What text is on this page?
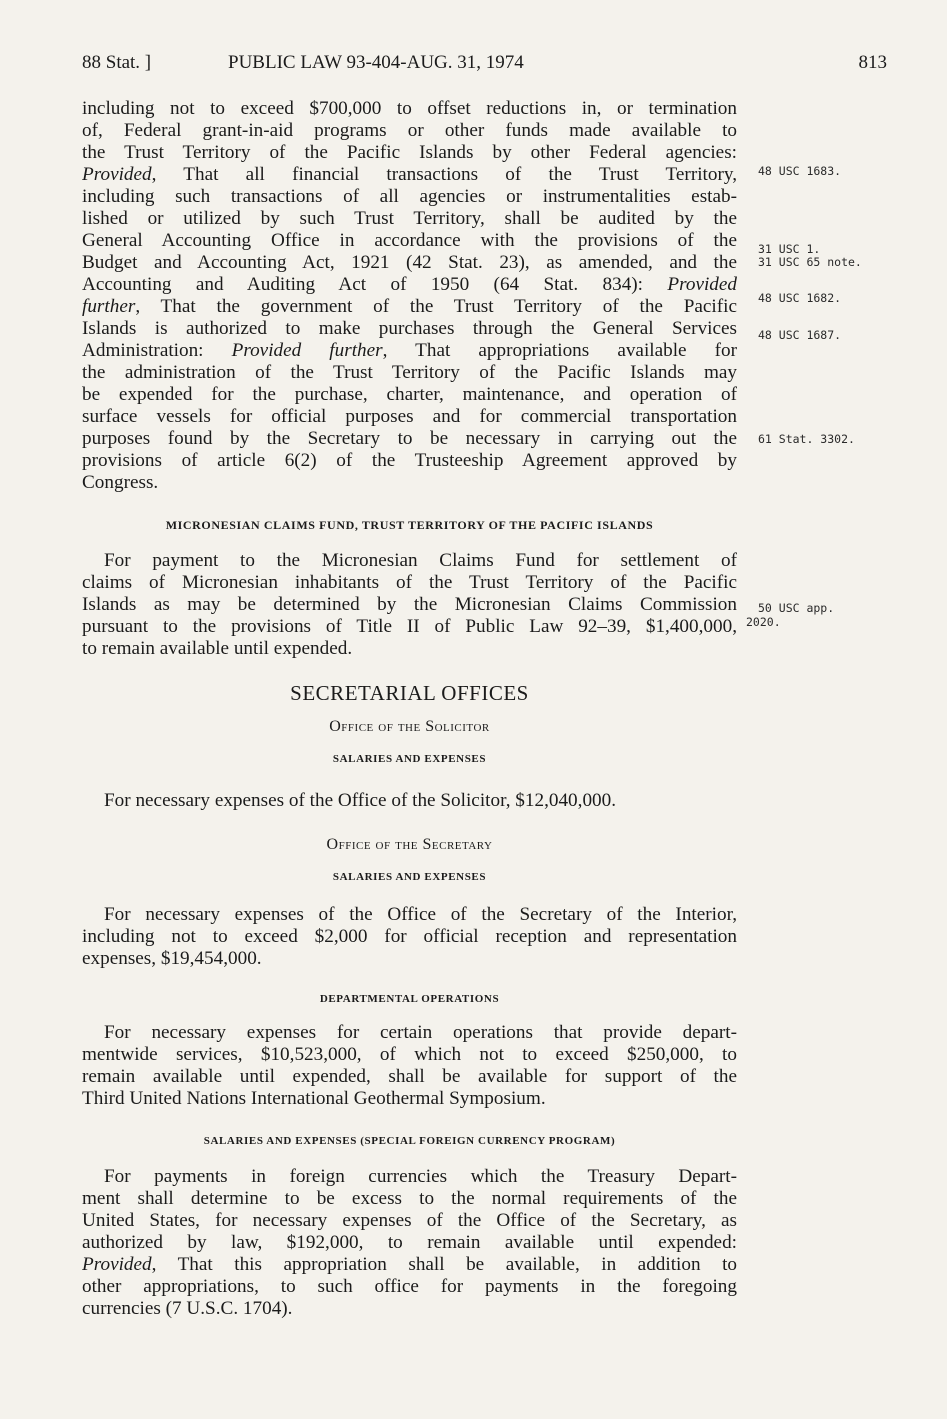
88 Stat. ]	PUBLIC LAW 93-404-AUG. 31, 1974	813
48 USC 1683.
31 USC 1.
31 USC 65 note.
48 USC 1682.
48 USC 1687.
61 Stat. 3302.
50 USC app.
2020.

including not to exceed $700,000 to offset reductions in, or termination
of, Federal grant-in-aid programs or other funds made available to
the Trust Territory of the Pacific Islands by other Federal agencies:
Provided, That all financial transactions of the Trust Territory,
including such transactions of all agencies or instrumentalities estab-
lished or utilized by such Trust Territory, shall be audited by the
General Accounting Office in accordance with the provisions of the
Budget and Accounting Act, 1921 (42 Stat. 23), as amended, and the
Accounting and Auditing Act of 1950 (64 Stat. 834): Provided
further, That the government of the Trust Territory of the Pacific
Islands is authorized to make purchases through the General Services
Administration: Provided further, That appropriations available for
the administration of the Trust Territory of the Pacific Islands may
be expended for the purchase, charter, maintenance, and operation of
surface vessels for official purposes and for commercial transportation
purposes found by the Secretary to be necessary in carrying out the
provisions of article 6(2) of the Trusteeship Agreement approved by
Congress.

MICRONESIAN CLAIMS FUND, TRUST TERRITORY OF THE PACIFIC ISLANDS

For payment to the Micronesian Claims Fund for settlement of
claims of Micronesian inhabitants of the Trust Territory of the Pacific
Islands as may be determined by the Micronesian Claims Commission
pursuant to the provisions of Title II of Public Law 92–39, $1,400,000,
to remain available until expended.

SECRETARIAL OFFICES
Office of the Solicitor
SALARIES AND EXPENSES

For necessary expenses of the Office of the Solicitor, $12,040,000.

Office of the Secretary
SALARIES AND EXPENSES

For necessary expenses of the Office of the Secretary of the Interior,
including not to exceed $2,000 for official reception and representation
expenses, $19,454,000.

DEPARTMENTAL OPERATIONS

For necessary expenses for certain operations that provide depart-
mentwide services, $10,523,000, of which not to exceed $250,000, to
remain available until expended, shall be available for support of the
Third United Nations International Geothermal Symposium.

SALARIES AND EXPENSES (SPECIAL FOREIGN CURRENCY PROGRAM)

For payments in foreign currencies which the Treasury Depart-
ment shall determine to be excess to the normal requirements of the
United States, for necessary expenses of the Office of the Secretary, as
authorized by law, $192,000, to remain available until expended:
Provided, That this appropriation shall be available, in addition to
other appropriations, to such office for payments in the foregoing
currencies (7 U.S.C. 1704).
